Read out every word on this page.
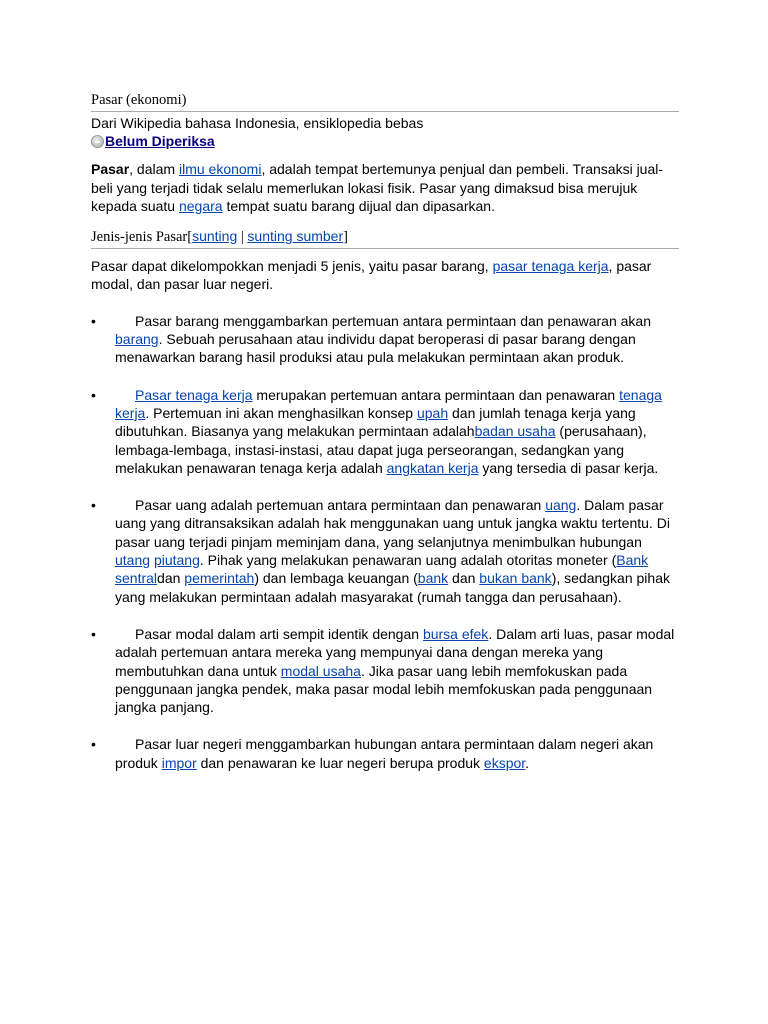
Pasar (ekonomi)
Dari Wikipedia bahasa Indonesia, ensiklopedia bebas
Belum Diperiksa

Pasar, dalam ilmu ekonomi, adalah tempat bertemunya penjual dan pembeli. Transaksi jual-beli yang terjadi tidak selalu memerlukan lokasi fisik. Pasar yang dimaksud bisa merujuk kepada suatu negara tempat suatu barang dijual dan dipasarkan.

Jenis-jenis Pasar[sunting | sunting sumber]

Pasar dapat dikelompokkan menjadi 5 jenis, yaitu pasar barang, pasar tenaga kerja, pasar modal, dan pasar luar negeri.

•	Pasar barang menggambarkan pertemuan antara permintaan dan penawaran akan barang. Sebuah perusahaan atau individu dapat beroperasi di pasar barang dengan menawarkan barang hasil produksi atau pula melakukan permintaan akan produk.
•	Pasar tenaga kerja merupakan pertemuan antara permintaan dan penawaran tenaga kerja. Pertemuan ini akan menghasilkan konsep upah dan jumlah tenaga kerja yang dibutuhkan. Biasanya yang melakukan permintaan adalahbadan usaha (perusahaan), lembaga-lembaga, instasi-instasi, atau dapat juga perseorangan, sedangkan yang melakukan penawaran tenaga kerja adalah angkatan kerja yang tersedia di pasar kerja.
•	Pasar uang adalah pertemuan antara permintaan dan penawaran uang. Dalam pasar uang yang ditransaksikan adalah hak menggunakan uang untuk jangka waktu tertentu. Di pasar uang terjadi pinjam meminjam dana, yang selanjutnya menimbulkan hubungan utang piutang. Pihak yang melakukan penawaran uang adalah otoritas moneter (Bank sentraldan pemerintah) dan lembaga keuangan (bank dan bukan bank), sedangkan pihak yang melakukan permintaan adalah masyarakat (rumah tangga dan perusahaan).
•	Pasar modal dalam arti sempit identik dengan bursa efek. Dalam arti luas, pasar modal adalah pertemuan antara mereka yang mempunyai dana dengan mereka yang membutuhkan dana untuk modal usaha. Jika pasar uang lebih memfokuskan pada penggunaan jangka pendek, maka pasar modal lebih memfokuskan pada penggunaan jangka panjang.
•	Pasar luar negeri menggambarkan hubungan antara permintaan dalam negeri akan produk impor dan penawaran ke luar negeri berupa produk ekspor.
